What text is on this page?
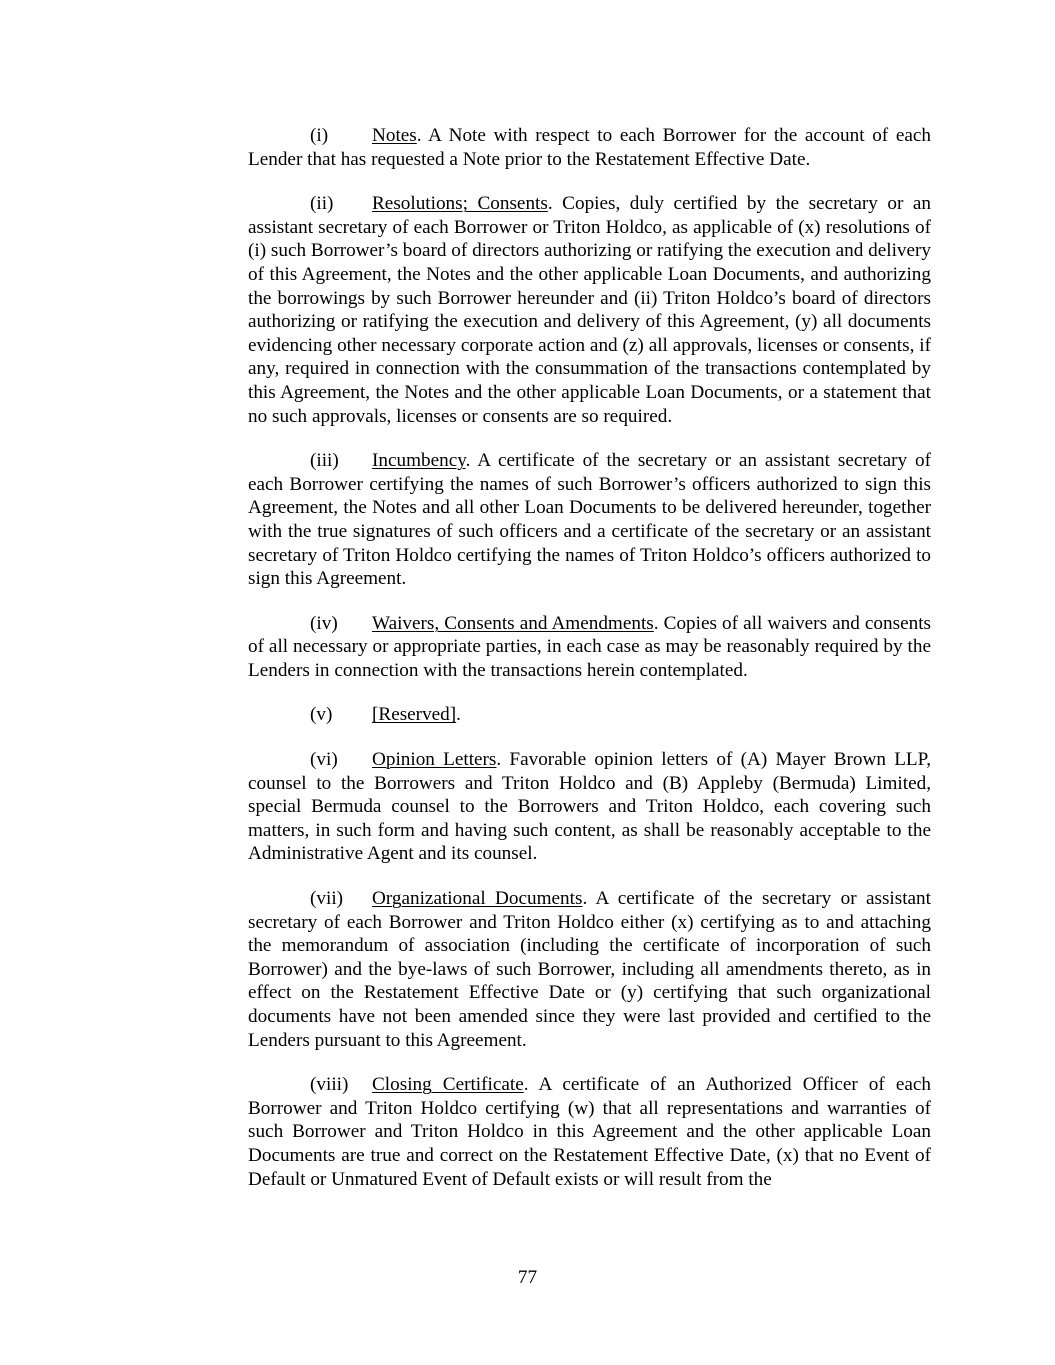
(i) Notes. A Note with respect to each Borrower for the account of each Lender that has requested a Note prior to the Restatement Effective Date.

(ii) Resolutions; Consents. Copies, duly certified by the secretary or an assistant secretary of each Borrower or Triton Holdco, as applicable of (x) resolutions of (i) such Borrower’s board of directors authorizing or ratifying the execution and delivery of this Agreement, the Notes and the other applicable Loan Documents, and authorizing the borrowings by such Borrower hereunder and (ii) Triton Holdco’s board of directors authorizing or ratifying the execution and delivery of this Agreement, (y) all documents evidencing other necessary corporate action and (z) all approvals, licenses or consents, if any, required in connection with the consummation of the transactions contemplated by this Agreement, the Notes and the other applicable Loan Documents, or a statement that no such approvals, licenses or consents are so required.

(iii) Incumbency. A certificate of the secretary or an assistant secretary of each Borrower certifying the names of such Borrower’s officers authorized to sign this Agreement, the Notes and all other Loan Documents to be delivered hereunder, together with the true signatures of such officers and a certificate of the secretary or an assistant secretary of Triton Holdco certifying the names of Triton Holdco’s officers authorized to sign this Agreement.

(iv) Waivers, Consents and Amendments. Copies of all waivers and consents of all necessary or appropriate parties, in each case as may be reasonably required by the Lenders in connection with the transactions herein contemplated.

(v) [Reserved].

(vi) Opinion Letters. Favorable opinion letters of (A) Mayer Brown LLP, counsel to the Borrowers and Triton Holdco and (B) Appleby (Bermuda) Limited, special Bermuda counsel to the Borrowers and Triton Holdco, each covering such matters, in such form and having such content, as shall be reasonably acceptable to the Administrative Agent and its counsel.

(vii) Organizational Documents. A certificate of the secretary or assistant secretary of each Borrower and Triton Holdco either (x) certifying as to and attaching the memorandum of association (including the certificate of incorporation of such Borrower) and the bye-laws of such Borrower, including all amendments thereto, as in effect on the Restatement Effective Date or (y) certifying that such organizational documents have not been amended since they were last provided and certified to the Lenders pursuant to this Agreement.

(viii) Closing Certificate. A certificate of an Authorized Officer of each Borrower and Triton Holdco certifying (w) that all representations and warranties of such Borrower and Triton Holdco in this Agreement and the other applicable Loan Documents are true and correct on the Restatement Effective Date, (x) that no Event of Default or Unmatured Event of Default exists or will result from the

77
